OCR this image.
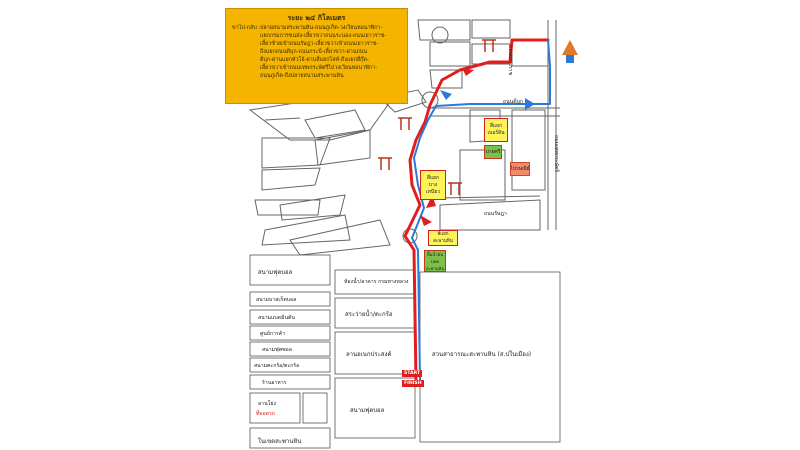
ระยะ ๒๔ กิโลเมตร
ขาไป-กลับ : ปลายสนามสระพานหิน-ถนนภูเก็ต-วงเวียนหอนาฬิกา-
แยกกรมการขนส่ง-เลี้ยวขวาถนนระนอง-ถนนเยาวราช-
เลี้ยวซ้ายเข้าถนนรัษฎา-เลี้ยวขวาเข้าถนนเยาวราช-
ถึงแยกถนนดีบุก-ถนนกระบี่-เลี้ยวขวา-ผ่านถนน
ดีบุก-ผ่านแยกหัวโจ้-ผ่านสี่แยกไลท์-ถึงแยกสี่กุ๊ด-
เลี้ยวขวาเข้าถนนเทพกระษัตรีไปวงเวียนหอนาฬิกา-
ถนนภูเก็ต-ถึงปลายสนามสระพานหิน
ถนนดีบุก
ถนนเทพกระษัตรี
ถนนเยาวราช
ถนนรัษฎา
สี่แยก
เบอร์ลิน
บายศรี
ไปรษณีย์
สี่แยก
บาง
เหนียว
สี่แยก
สะพานหิน
ปั๊มน้ำมันปตท
สะพานหิน
สนามฟุตบอล
สนามบาสเก็ตบอล
สนามแบดมินตัน
ศูนย์การค้า
สนามฟุตซอล
สนามตะกร้อ/ตะกร้อ
ร้านอาหาร
ลานโย่ง
ที่จอดรถ
ห้องน้ำ/อาคาร กรมทางหลวง
สระว่ายน้ำ/ตะกร้อ
ลานอเนกประสงค์
สนามฟุตบอล
สวนสาธารณะสะพานหิน (ส.ปในเมือง)
ในเขตสะพานหิน
START
FINISH
